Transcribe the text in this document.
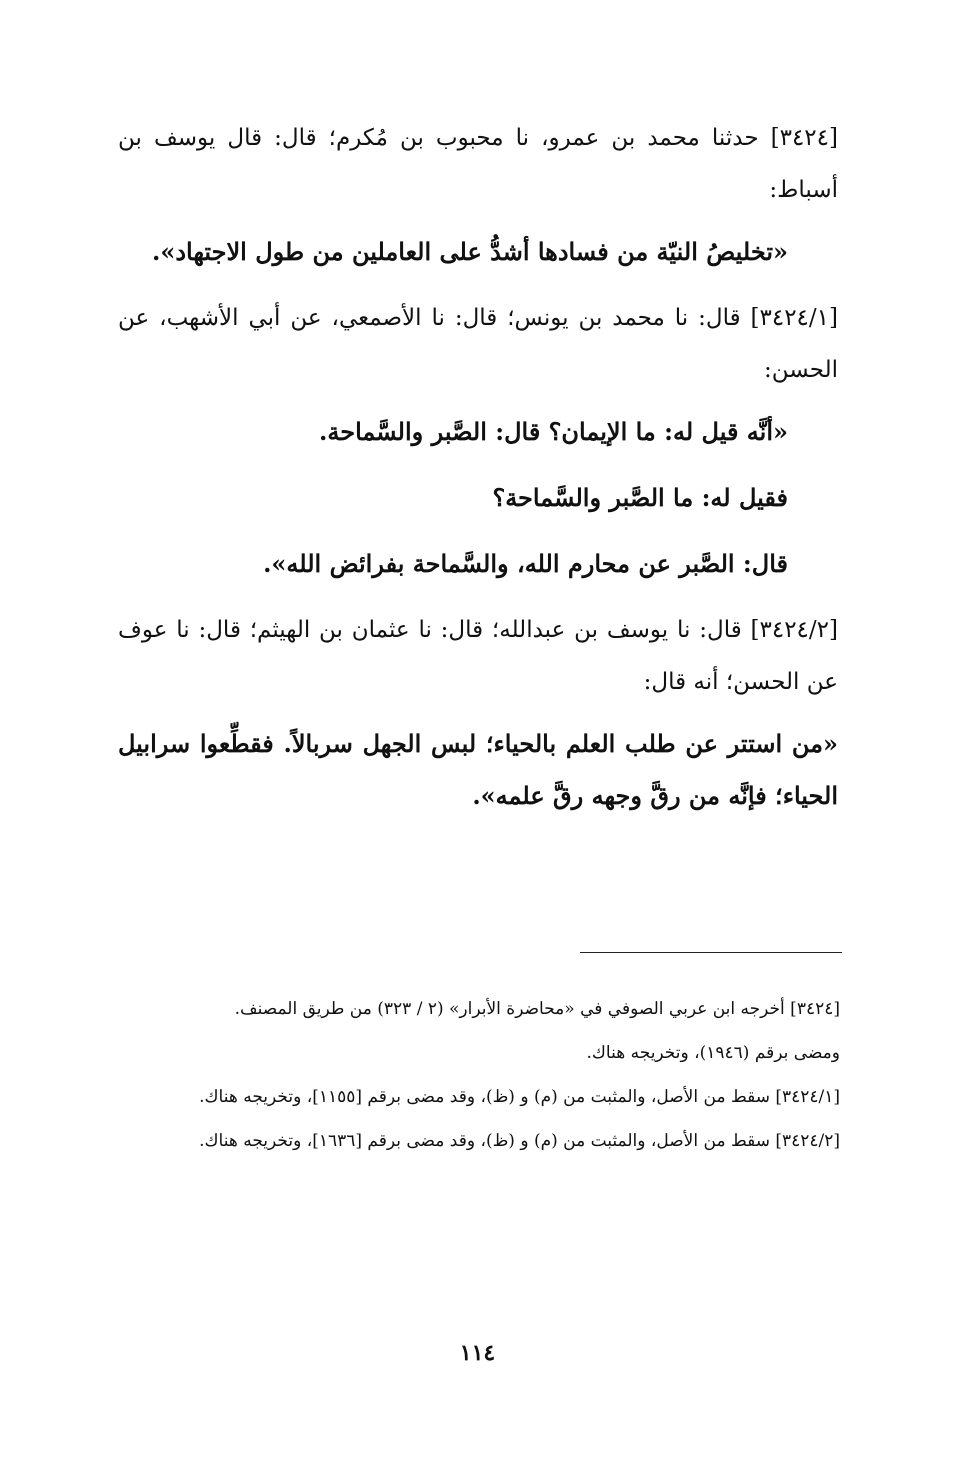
[٣٤٢٤] حدثنا محمد بن عمرو، نا محبوب بن مُكرم؛ قال: قال يوسف بن أسباط:

«تخليصُ النيّة من فسادها أشدُّ على العاملين من طول الاجتهاد».

[٣٤٢٤/١] قال: نا محمد بن يونس؛ قال: نا الأصمعي، عن أبي الأشهب، عن الحسن:

«أنَّه قيل له: ما الإيمان؟ قال: الصَّبر والسَّماحة.

فقيل له: ما الصَّبر والسَّماحة؟

قال: الصَّبر عن محارم الله، والسَّماحة بفرائض الله».

[٣٤٢٤/٢] قال: نا يوسف بن عبدالله؛ قال: نا عثمان بن الهيثم؛ قال: نا عوف عن الحسن؛ أنه قال:

«من استتر عن طلب العلم بالحياء؛ لبس الجهل سربالاً. فقطِّعوا سرابيل الحياء؛ فإنَّه من رقَّ وجهه رقَّ علمه».

[٣٤٢٤] أخرجه ابن عربي الصوفي في «محاضرة الأبرار» (٢ / ٣٢٣) من طريق المصنف.

ومضى برقم (١٩٤٦)، وتخريجه هناك.

[٣٤٢٤/١] سقط من الأصل، والمثبت من (م) و (ظ)، وقد مضى برقم [١١٥٥]، وتخريجه هناك.

[٣٤٢٤/٢] سقط من الأصل، والمثبت من (م) و (ظ)، وقد مضى برقم [١٦٣٦]، وتخريجه هناك.

١١٤
